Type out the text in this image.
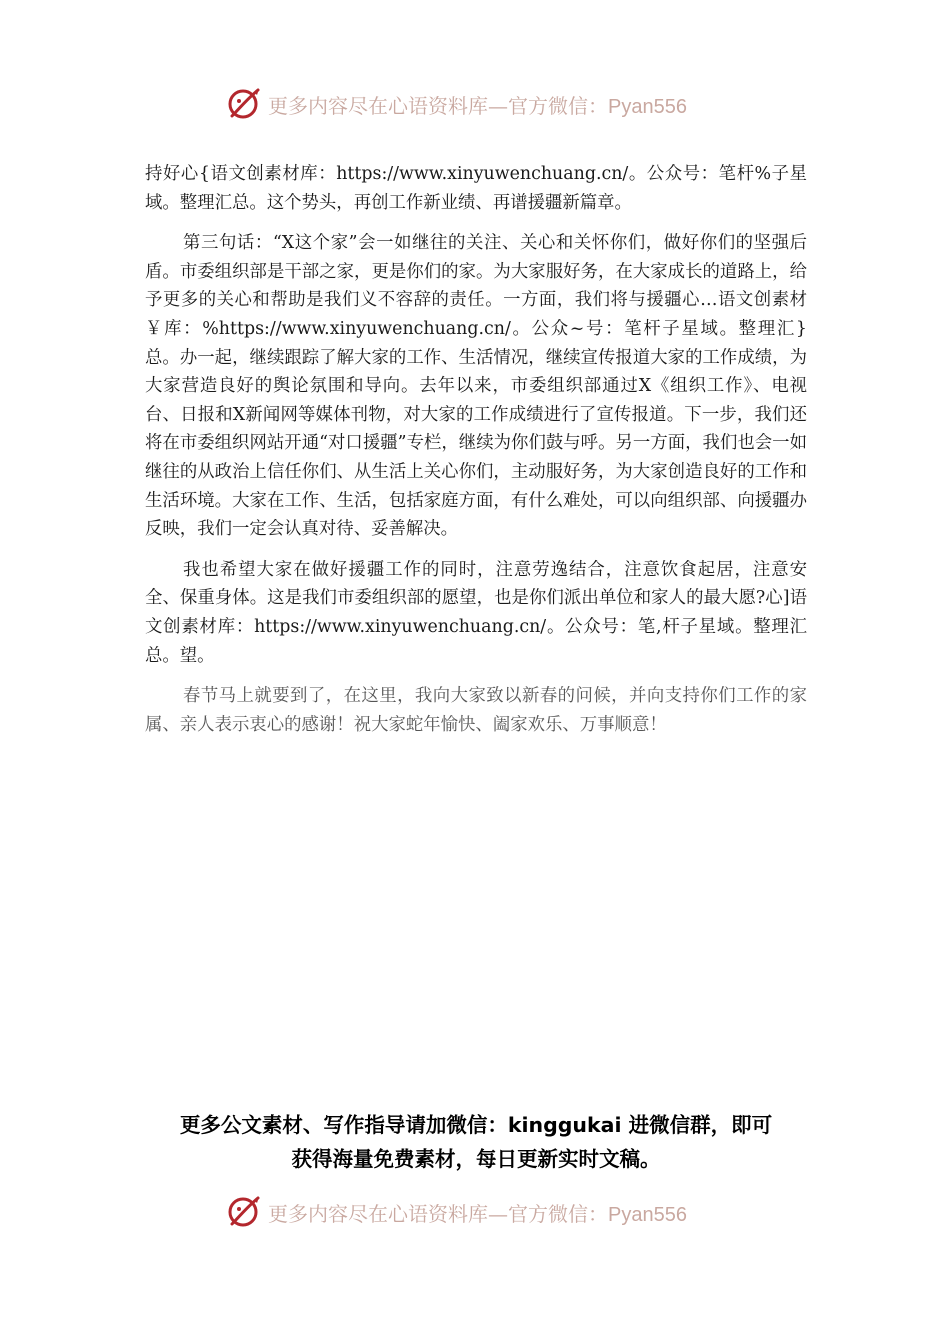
更多内容尽在心语资料库—官方微信：Pyan556

持好心{语文创素材库：https://www.xinyuwenchuang.cn/。公众号：笔杆%子星域。整理汇总。这个势头，再创工作新业绩、再谱援疆新篇章。

第三句话：“X这个家”会一如继往的关注、关心和关怀你们，做好你们的坚强后盾。市委组织部是干部之家，更是你们的家。为大家服好务，在大家成长的道路上，给予更多的关心和帮助是我们义不容辞的责任。一方面，我们将与援疆心…语文创素材￥库：%https://www.xinyuwenchuang.cn/。公众~号：笔杆子星域。整理汇}总。办一起，继续跟踪了解大家的工作、生活情况，继续宣传报道大家的工作成绩，为大家营造良好的舆论氛围和导向。去年以来，市委组织部通过X《组织工作》、电视台、日报和X新闻网等媒体刊物，对大家的工作成绩进行了宣传报道。下一步，我们还将在市委组织网站开通“对口援疆”专栏，继续为你们鼓与呼。另一方面，我们也会一如继往的从政治上信任你们、从生活上关心你们，主动服好务，为大家创造良好的工作和生活环境。大家在工作、生活，包括家庭方面，有什么难处，可以向组织部、向援疆办反映，我们一定会认真对待、妥善解决。

我也希望大家在做好援疆工作的同时，注意劳逸结合，注意饮食起居，注意安全、保重身体。这是我们市委组织部的愿望，也是你们派出单位和家人的最大愿?心]语文创素材库：https://www.xinyuwenchuang.cn/。公众号：笔,杆子星域。整理汇总。望。

春节马上就要到了，在这里，我向大家致以新春的问候，并向支持你们工作的家属、亲人表示衷心的感谢！祝大家蛇年愉快、阖家欢乐、万事顺意！

更多公文素材、写作指导请加微信：kinggukai 进微信群，即可
获得海量免费素材，每日更新实时文稿。
更多内容尽在心语资料库—官方微信：Pyan556
